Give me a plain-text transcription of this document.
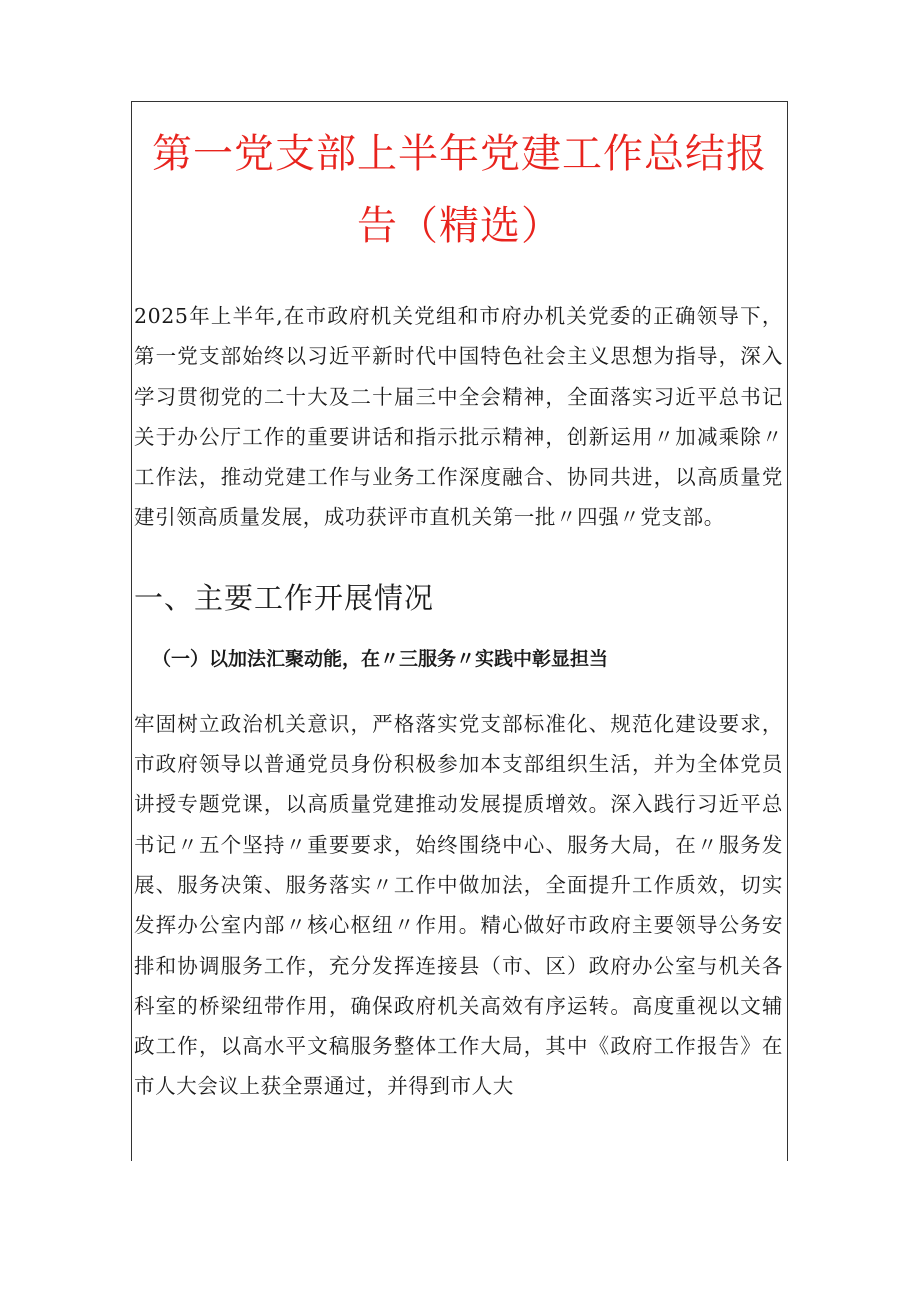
第一党支部上半年党建工作总结报告（精选）

2025年上半年,在市政府机关党组和市府办机关党委的正确领导下，第一党支部始终以习近平新时代中国特色社会主义思想为指导，深入学习贯彻党的二十大及二十届三中全会精神，全面落实习近平总书记关于办公厅工作的重要讲话和指示批示精神，创新运用〃加减乘除〃工作法，推动党建工作与业务工作深度融合、协同共进，以高质量党建引领高质量发展，成功获评市直机关第一批〃四强〃党支部。

一、主要工作开展情况
（一）以加法汇聚动能，在〃三服务〃实践中彰显担当

牢固树立政治机关意识，严格落实党支部标准化、规范化建设要求，市政府领导以普通党员身份积极参加本支部组织生活，并为全体党员讲授专题党课，以高质量党建推动发展提质增效。深入践行习近平总书记〃五个坚持〃重要要求，始终围绕中心、服务大局，在〃服务发展、服务决策、服务落实〃工作中做加法，全面提升工作质效，切实发挥办公室内部〃核心枢纽〃作用。精心做好市政府主要领导公务安排和协调服务工作，充分发挥连接县（市、区）政府办公室与机关各科室的桥梁纽带作用，确保政府机关高效有序运转。高度重视以文辅政工作，以高水平文稿服务整体工作大局，其中《政府工作报告》在市人大会议上获全票通过，并得到市人大
